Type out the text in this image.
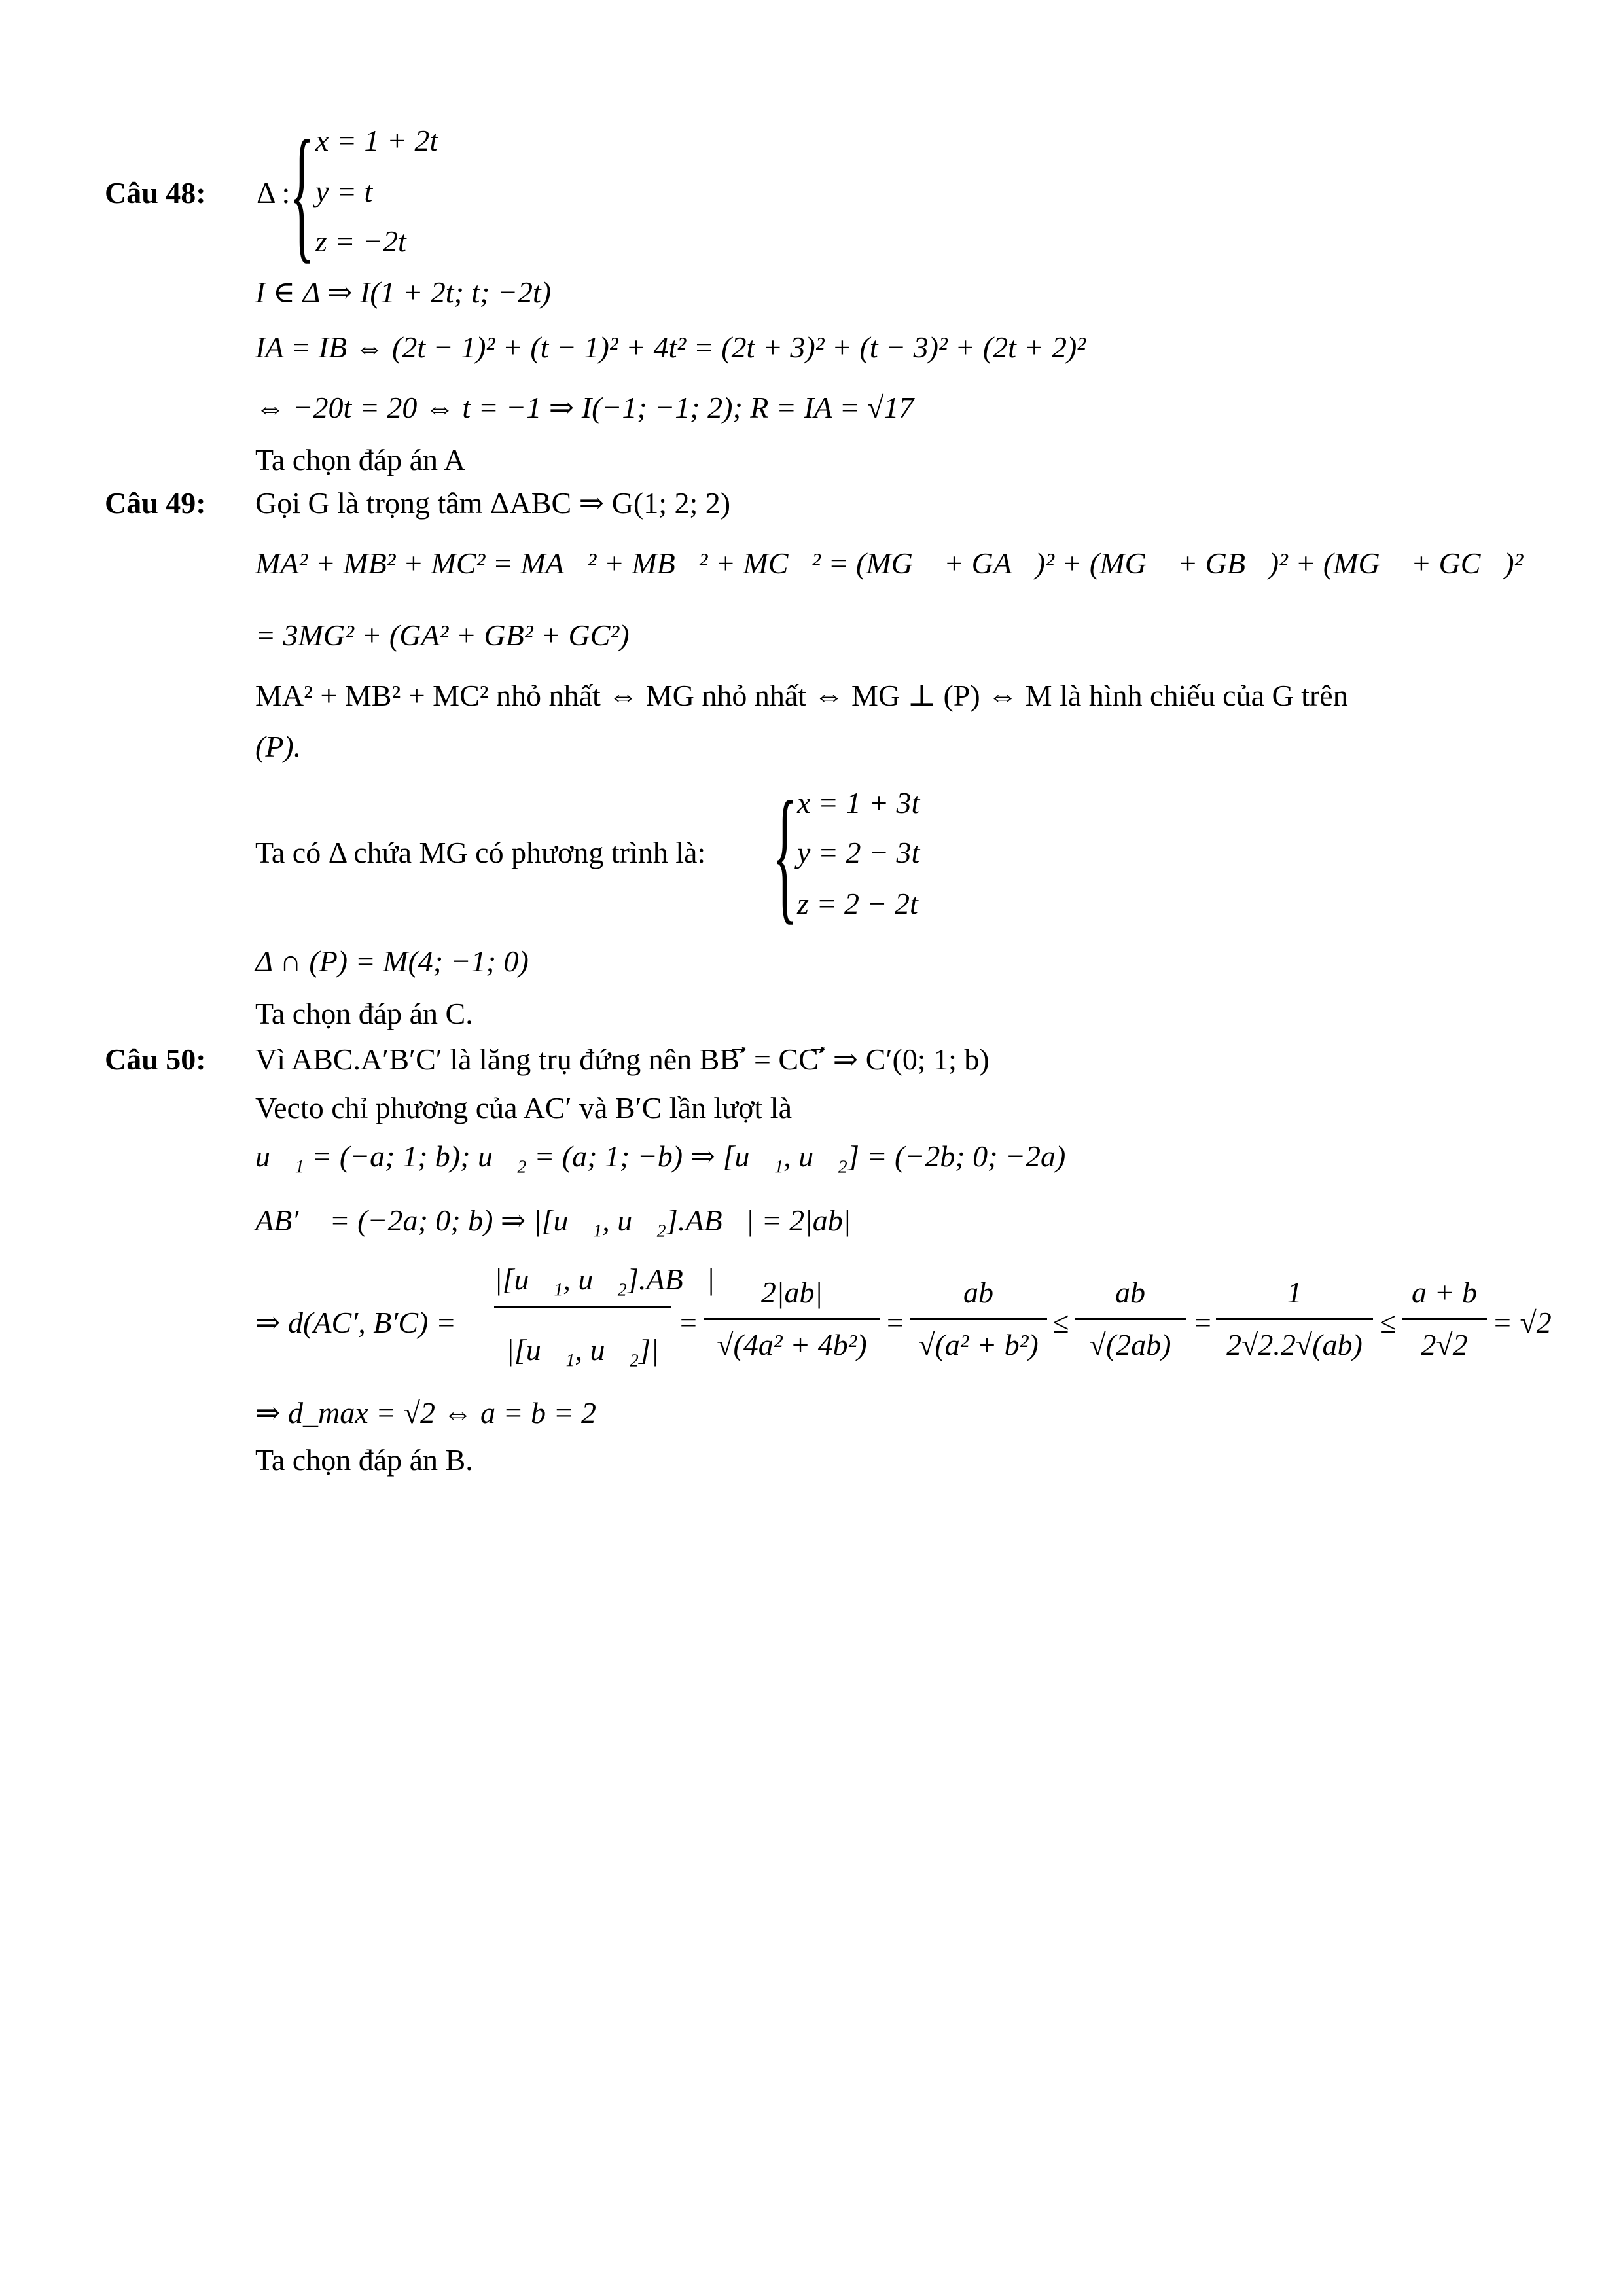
Câu 48: Δ :
{ x = 1 + 2t
y = t
z = −2t
I ∈ Δ ⇒ I(1 + 2t; t; −2t)
IA = IB ⇔ (2t − 1)² + (t − 1)² + 4t² = (2t + 3)² + (t − 3)² + (2t + 2)²
⇔ −20t = 20 ⇔ t = −1 ⇒ I(−1; −1; 2); R = IA = √17
Ta chọn đáp án A
Câu 49: Gọi G là trọng tâm ΔABC ⇒ G(1; 2; 2)
MA² + MB² + MC² = MA⃗² + MB⃗² + MC⃗² = (MG⃗ + GA⃗)² + (MG⃗ + GB⃗)² + (MG⃗ + GC⃗)²
= 3MG² + (GA² + GB² + GC²)
MA² + MB² + MC² nhỏ nhất ⇔ MG nhỏ nhất ⇔ MG ⊥ (P) ⇔ M là hình chiếu của G trên
(P).
Ta có Δ chứa MG có phương trình là: { x = 1 + 3t
y = 2 − 3t
z = 2 − 2t
Δ ∩ (P) = M(4; −1; 0)
Ta chọn đáp án C.
Câu 50: Vì ABC.A′B′C′ là lăng trụ đứng nên BB′⃗ = CC′⃗ ⇒ C′(0; 1; b)
Vecto chỉ phương của AC′ và B′C lần lượt là
u⃗₁ = (−a; 1; b); u⃗₂ = (a; 1; −b) ⇒ [u⃗₁, u⃗₂] = (−2b; 0; −2a)
AB′⃗ = (−2a; 0; b) ⇒ |[u⃗₁, u⃗₂].AB⃗| = 2|ab|
⇒ d(AC′, B′C) =
|[u⃗₁, u⃗₂].AB⃗|
|[u⃗₁, u⃗₂]|
=
2|ab|
√(4a² + 4b²)
=
ab
√(a² + b²)
≤
ab
√(2ab)
=
1
2√2.2√(ab)
≤
a + b
2√2
= √2
⇒ d_max = √2 ⇔ a = b = 2
Ta chọn đáp án B.
